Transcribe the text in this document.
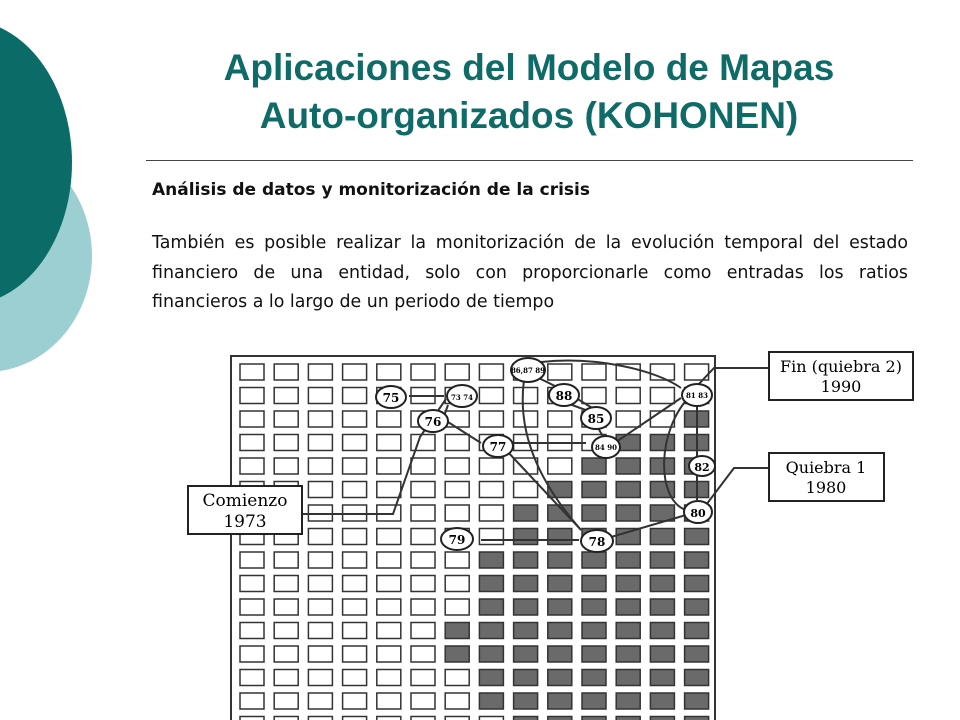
Aplicaciones del Modelo de Mapas
Auto-organizados (KOHONEN)

Análisis de datos y monitorización de la crisis

También es posible realizar la monitorización de la evolución temporal del estado financiero de una entidad, solo con proporcionarle como entradas los ratios financieros a lo largo de un periodo de tiempo

75	73 74
76
77
86,87 89
88
85
84 90
81 83
82
80
79	78
Comienzo
1973
Fin (quiebra 2)
1990
Quiebra 1
1980
